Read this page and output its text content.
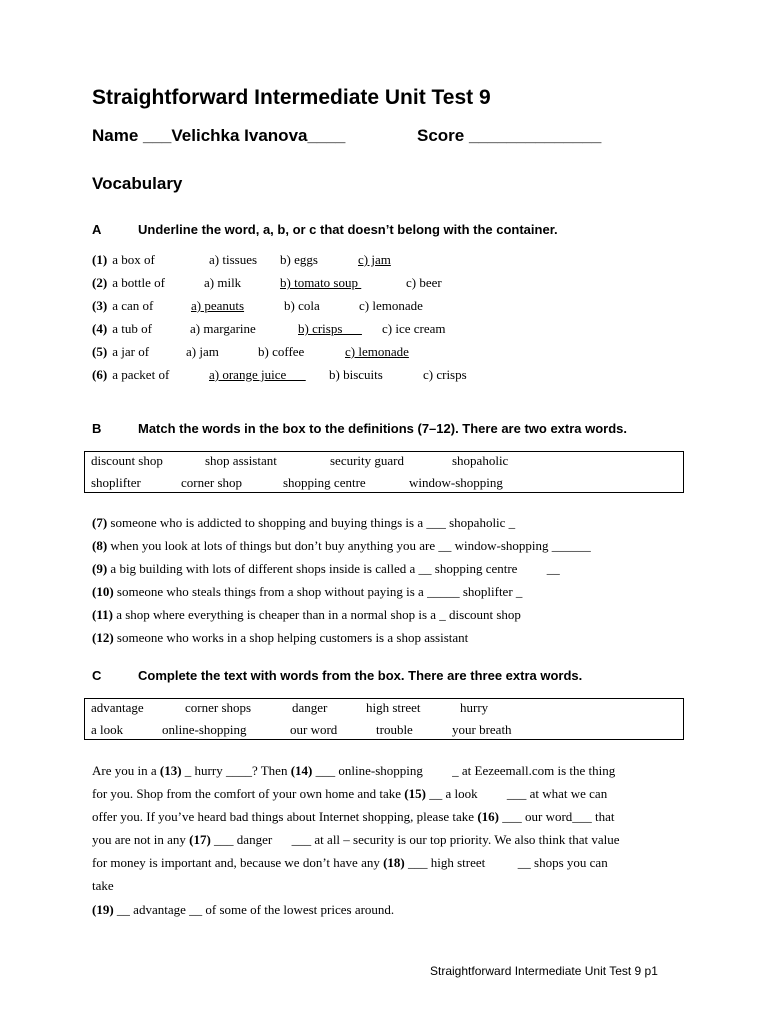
Straightforward Intermediate Unit Test 9
Name ___Velichka Ivanova____	Score ______________
Vocabulary
A	Underline the word, a, b, or c that doesn’t belong with the container.
(1) a box of	a) tissues b) eggs	c) jam
(2) a bottle of	a) milk	b) tomato soup	c) beer
(3) a can of	a) peanuts	b) cola	c) lemonade
(4) a tub of	a) margarine	b) crisps c) ice cream
(5) a jar of	a) jam	b) coffee	c) lemonade
(6) a packet of	a) orange juice b) biscuits	c) crisps
B	Match the words in the box to the definitions (7–12). There are two extra words.
discount shop	shop assistant	security guard	shopaholic
shoplifter	corner shop	shopping centre	window-shopping
(7) someone who is addicted to shopping and buying things is a ___ shopaholic _
(8) when you look at lots of things but don’t buy anything you are __ window-shopping ______
(9) a big building with lots of different shops inside is called a __ shopping centre         __
(10) someone who steals things from a shop without paying is a _____ shoplifter _
(11) a shop where everything is cheaper than in a normal shop is a _ discount shop
(12) someone who works in a shop helping customers is a shop assistant
C	Complete the text with words from the box. There are three extra words.
advantage	corner shops	danger	high street	hurry
a look	online-shopping	our word	trouble	your breath
Are you in a (13) _ hurry ____? Then (14) ___ online-shopping         _ at Eezeemall.com is the thing
for you. Shop from the comfort of your own home and take (15) __ a look         ___ at what we can
offer you. If you’ve heard bad things about Internet shopping, please take (16) ___ our word___ that
you are not in any (17) ___ danger      ___ at all – security is our top priority. We also think that value
for money is important and, because we don’t have any (18) ___ high street          __ shops you can
take
(19) __ advantage __ of some of the lowest prices around.
Straightforward Intermediate Unit Test 9 p1
